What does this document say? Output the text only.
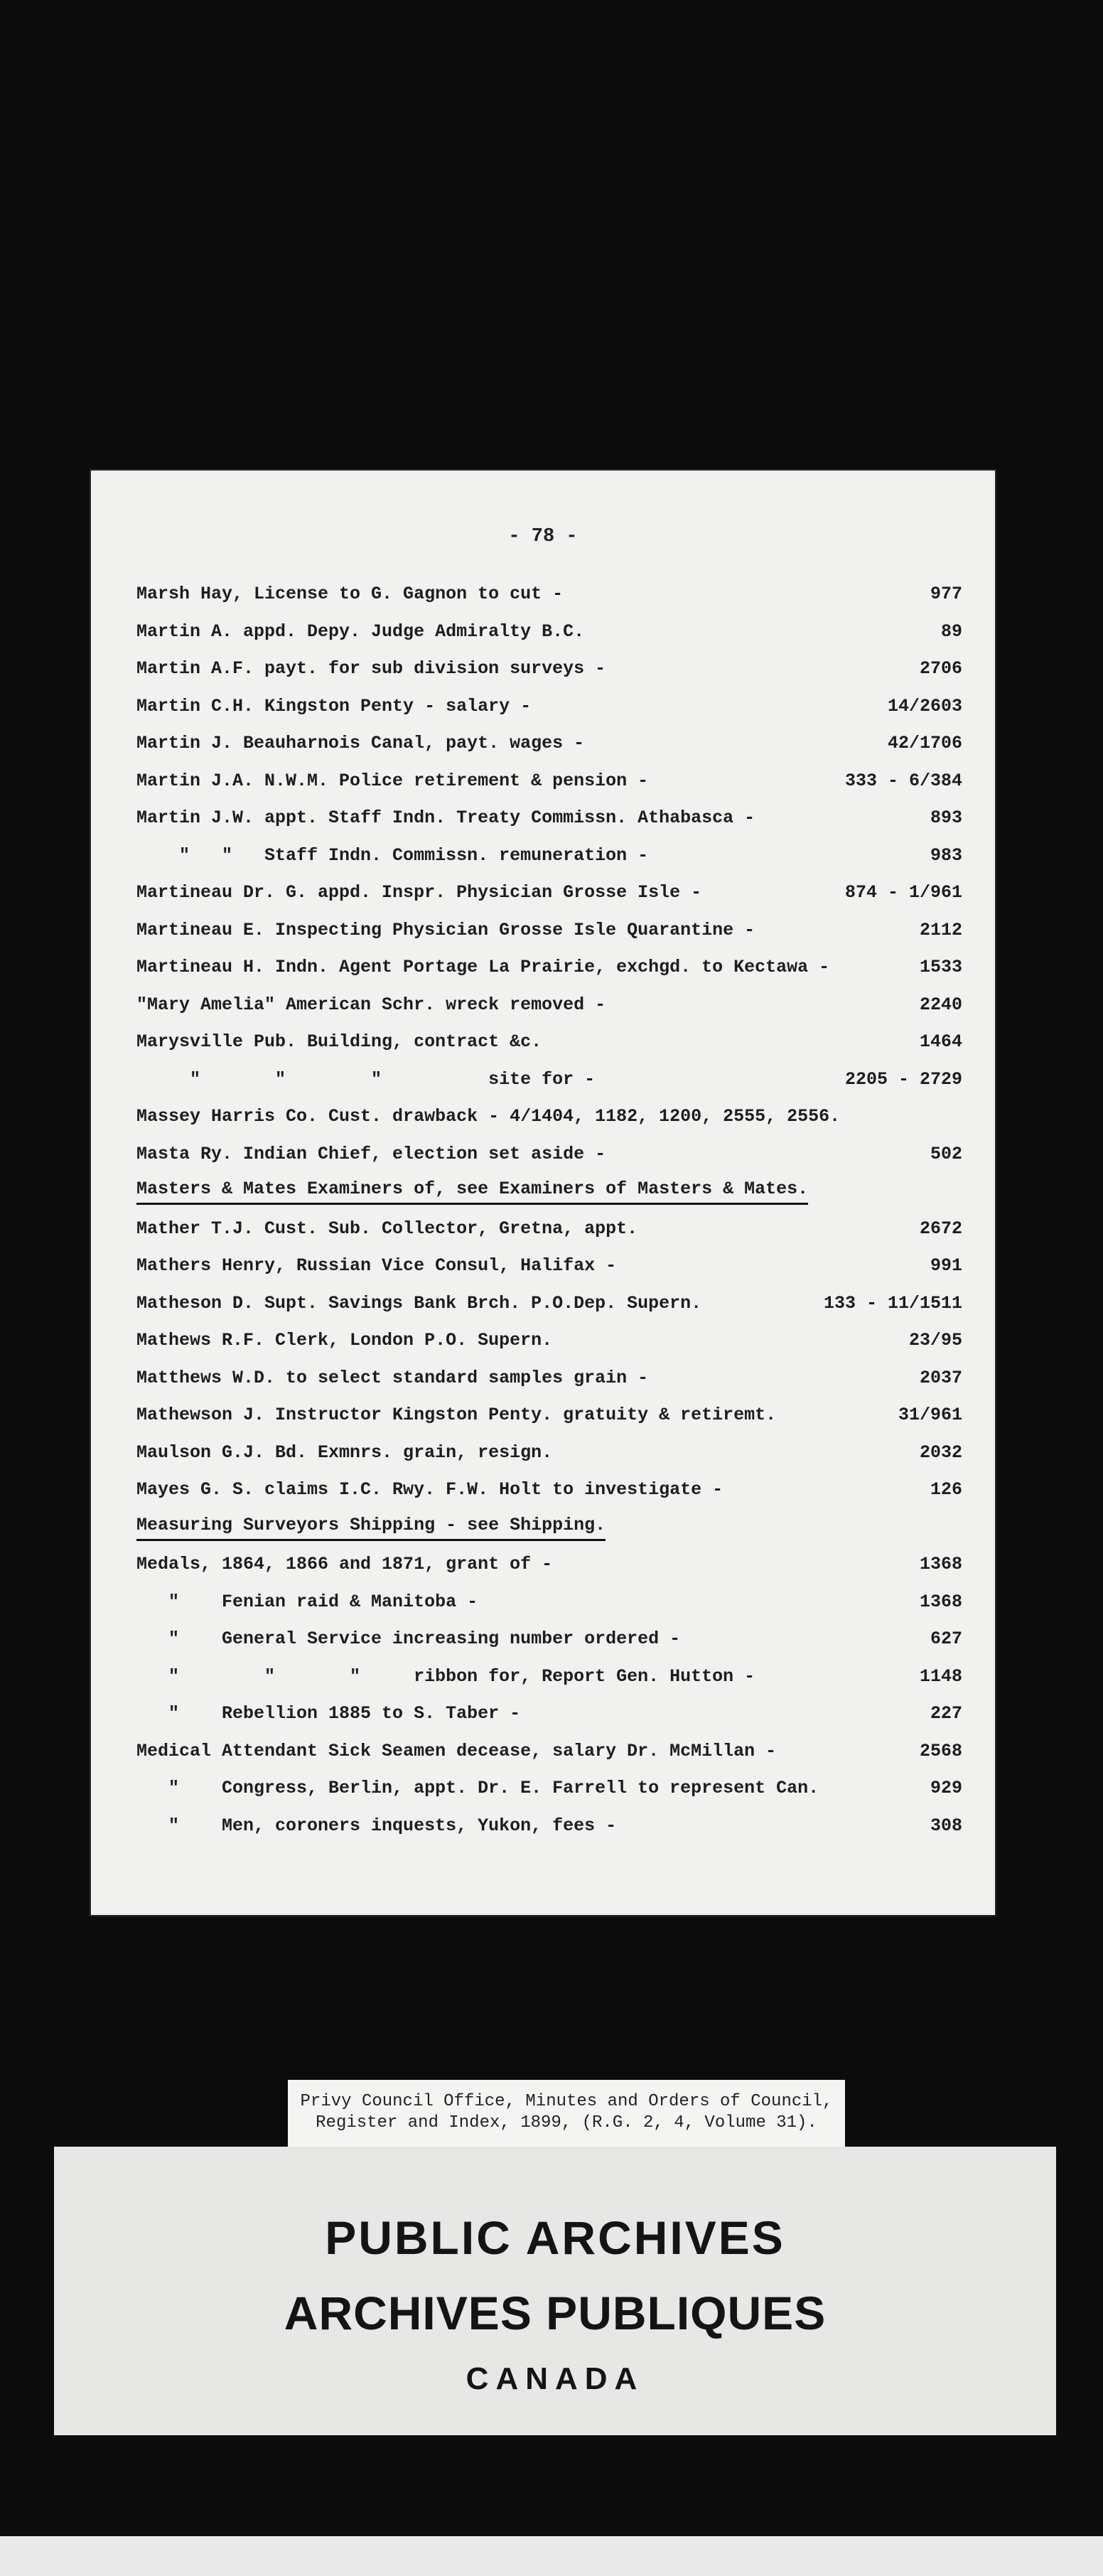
- 78 -
Marsh Hay, License to G. Gagnon to cut -	977
Martin A. appd. Depy. Judge Admiralty B.C.	89
Martin A.F. payt. for sub division surveys -	2706
Martin C.H. Kingston Penty - salary -	14/2603
Martin J. Beauharnois Canal, payt. wages -	42/1706
Martin J.A. N.W.M. Police retirement & pension -	333 - 6/384
Martin J.W. appt. Staff Indn. Treaty Commissn. Athabasca -	893
"   "   Staff Indn. Commissn. remuneration -	983
Martineau Dr. G. appd. Inspr. Physician Grosse Isle -	874 - 1/961
Martineau E. Inspecting Physician Grosse Isle Quarantine -	2112
Martineau H. Indn. Agent Portage La Prairie, exchgd. to Kectawa -	1533
"Mary Amelia" American Schr. wreck removed -	2240
Marysville Pub. Building, contract &c.	1464
"       "        "          site for -	2205 - 2729
Massey Harris Co. Cust. drawback - 4/1404, 1182, 1200, 2555, 2556.
Masta Ry. Indian Chief, election set aside -	502
Masters & Mates Examiners of, see Examiners of Masters & Mates.
Mather T.J. Cust. Sub. Collector, Gretna, appt.	2672
Mathers Henry, Russian Vice Consul, Halifax -	991
Matheson D. Supt. Savings Bank Brch. P.O.Dep. Supern.	133 - 11/1511
Mathews R.F. Clerk, London P.O. Supern.	23/95
Matthews W.D. to select standard samples grain -	2037
Mathewson J. Instructor Kingston Penty. gratuity & retiremt.	31/961
Maulson G.J. Bd. Exmnrs. grain, resign.	2032
Mayes G. S. claims I.C. Rwy. F.W. Holt to investigate -	126
Measuring Surveyors Shipping - see Shipping.
Medals, 1864, 1866 and 1871, grant of -	1368
"    Fenian raid & Manitoba -	1368
"    General Service increasing number ordered -	627
"        "       "     ribbon for, Report Gen. Hutton -	1148
"    Rebellion 1885 to S. Taber -	227
Medical Attendant Sick Seamen decease, salary Dr. McMillan -	2568
"    Congress, Berlin, appt. Dr. E. Farrell to represent Can.	929
"    Men, coroners inquests, Yukon, fees -	308
Privy Council Office, Minutes and Orders of Council,
Register and Index, 1899, (R.G. 2, 4, Volume 31).
PUBLIC ARCHIVES
ARCHIVES PUBLIQUES
CANADA
